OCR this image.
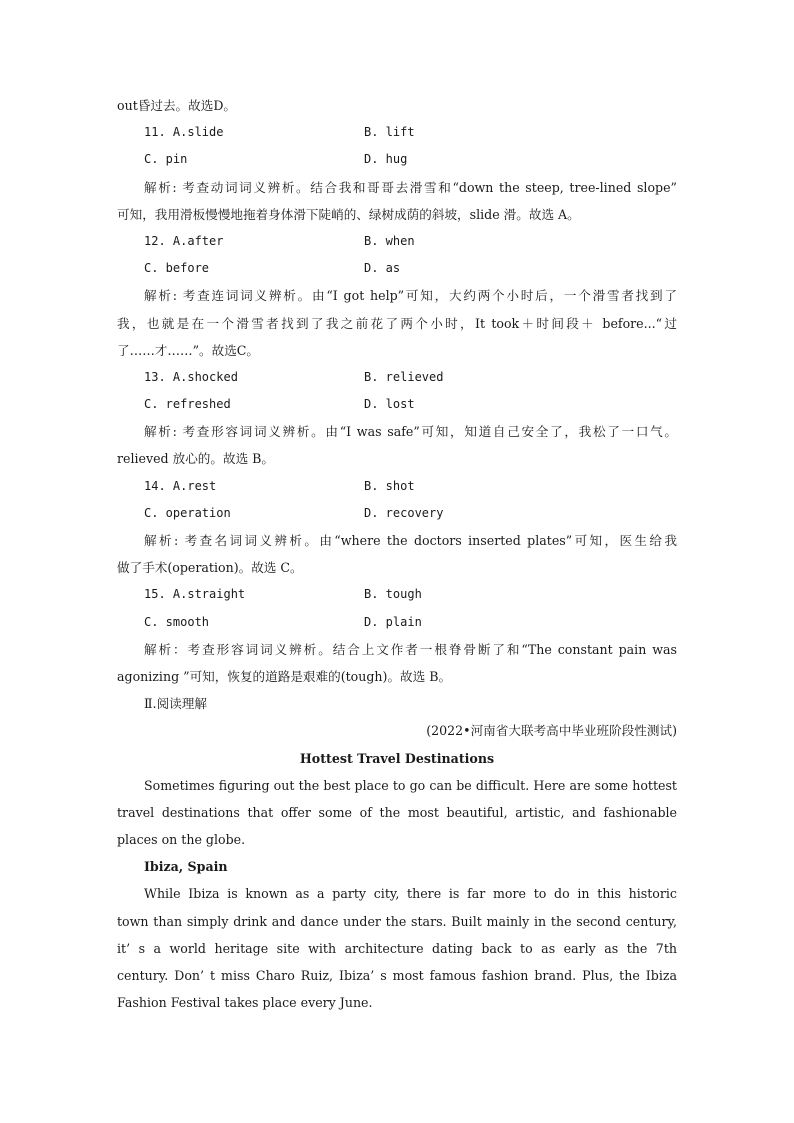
out昏过去。故选D。
11. A.slide	B. lift
C. pin	D. hug
解析: 考查动词词义辨析。结合我和哥哥去滑雪和“down the steep, tree-lined slope”
可知，我用滑板慢慢地拖着身体滑下陡峭的、绿树成荫的斜坡，slide 滑。故选 A。
12. A.after	B. when
C. before	D. as
解析: 考查连词词义辨析。由“I got help”可知，大约两个小时后，一个滑雪者找到了
我，也就是在一个滑雪者找到了我之前花了两个小时，It took＋时间段＋ before...“过
了……才……”。故选C。
13. A.shocked	B. relieved
C. refreshed	D. lost
解析: 考查形容词词义辨析。由“I was safe”可知，知道自己安全了，我松了一口气。
relieved 放心的。故选 B。
14. A.rest	B. shot
C. operation	D. recovery
解析: 考查名词词义辨析。由“where the doctors inserted plates”可知，医生给我
做了手术(operation)。故选 C。
15. A.straight	B. tough
C. smooth	D. plain
解析：考查形容词词义辨析。结合上文作者一根脊骨断了和“The constant pain was
agonizing ”可知，恢复的道路是艰难的(tough)。故选 B。
Ⅱ.阅读理解
(2022•河南省大联考高中毕业班阶段性测试)
Hottest Travel Destinations
Sometimes figuring out the best place to go can be difficult. Here are some hottest
travel destinations that offer some of the most beautiful, artistic, and fashionable
places on the globe.
Ibiza, Spain
While Ibiza is known as a party city, there is far more to do in this historic
town than simply drink and dance under the stars. Built mainly in the second century,
it’ s a world heritage site with architecture dating back to as early as the 7th
century. Don’ t miss Charo Ruiz, Ibiza’ s most famous fashion brand. Plus, the Ibiza
Fashion Festival takes place every June.
